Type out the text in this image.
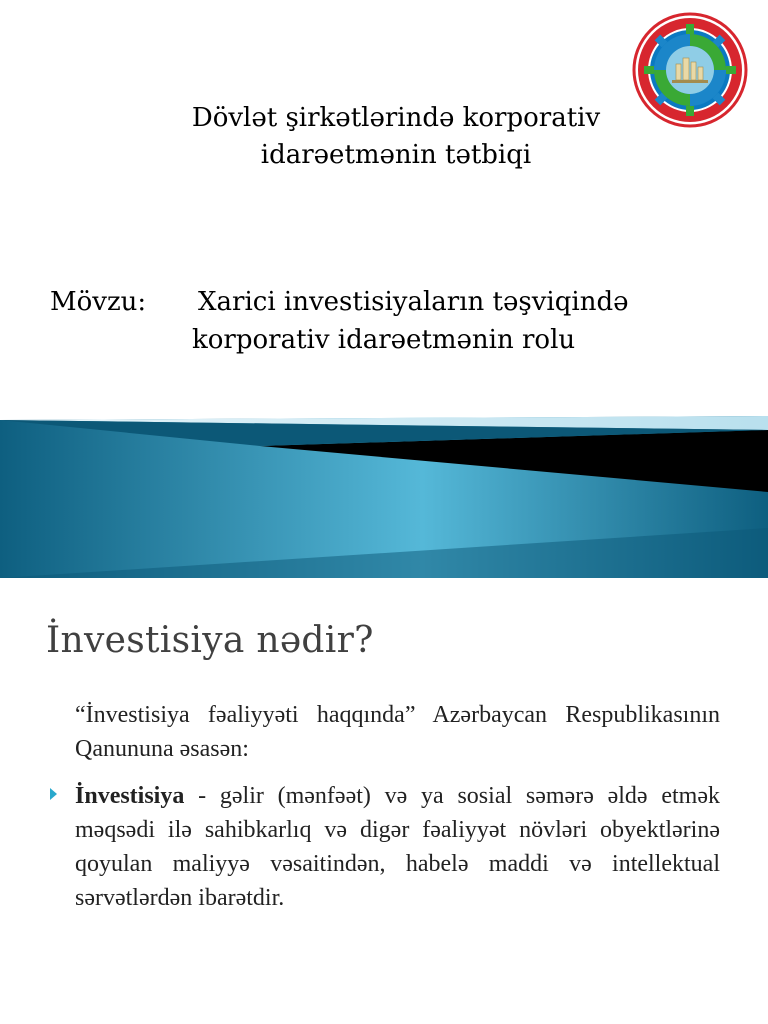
Dövlət şirkətlərində korporativ
idarəetmənin tətbiqi

Mövzu: Xarici investisiyaların təşviqində
korporativ idarəetmənin rolu

İnvestisiya nədir?

“İnvestisiya fəaliyyəti haqqında” Azərbaycan Respublikasının Qanununa əsasən:

İnvestisiya - gəlir (mənfəət) və ya sosial səmərə əldə etmək məqsədi ilə sahibkarlıq və digər fəaliyyət növləri obyektlərinə qoyulan maliyyə vəsaitindən, habelə maddi və intellektual sərvətlərdən ibarətdir.
